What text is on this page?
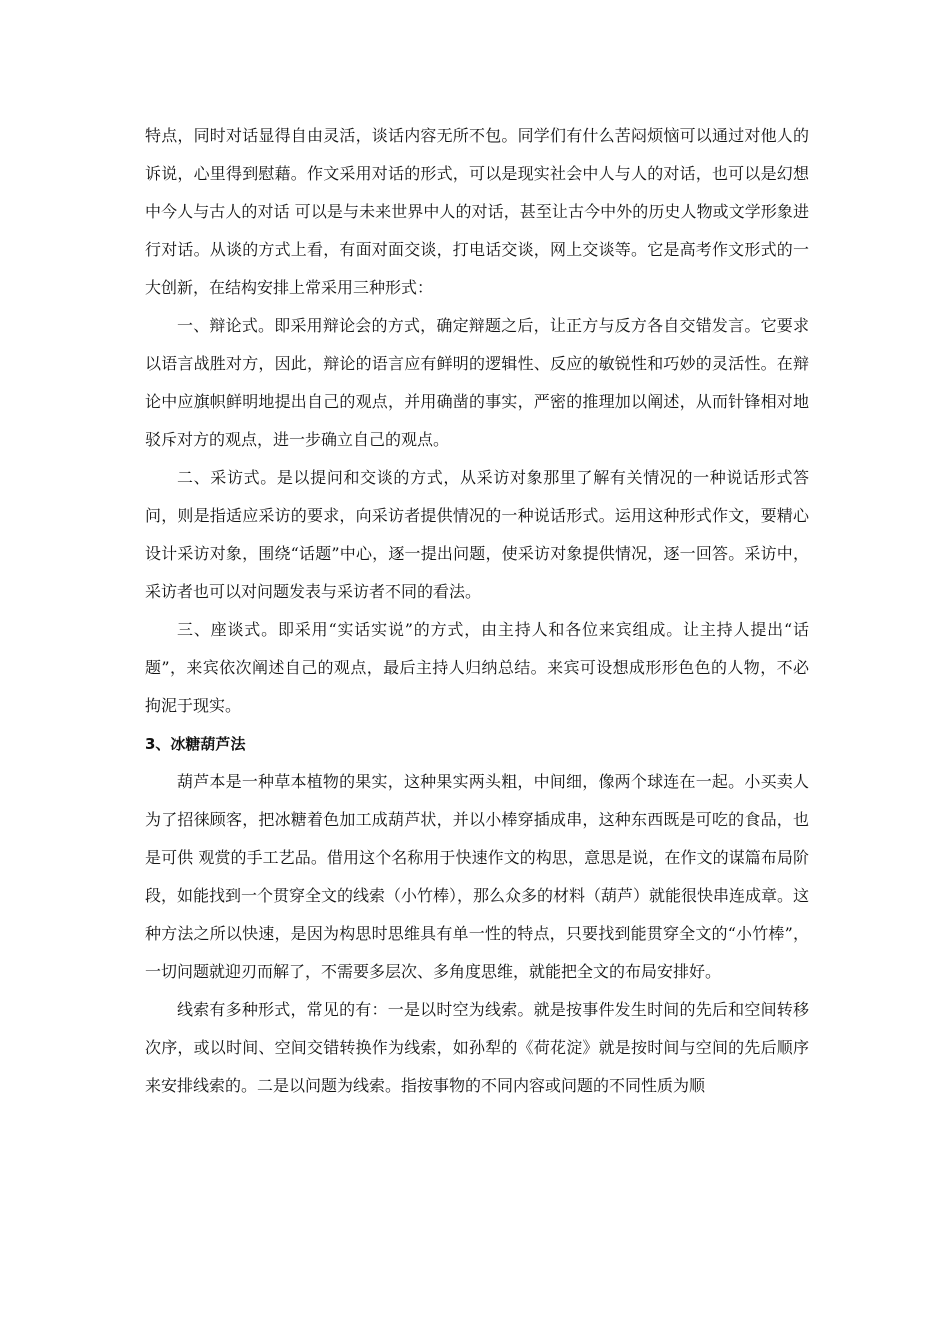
特点，同时对话显得自由灵活，谈话内容无所不包。同学们有什么苦闷烦恼可以通过对他人的诉说，心里得到慰藉。作文采用对话的形式，可以是现实社会中人与人的对话，也可以是幻想中今人与古人的对话 可以是与未来世界中人的对话，甚至让古今中外的历史人物或文学形象进行对话。从谈的方式上看，有面对面交谈，打电话交谈，网上交谈等。它是高考作文形式的一大创新，在结构安排上常采用三种形式：

一、辩论式。即采用辩论会的方式，确定辩题之后，让正方与反方各自交错发言。它要求以语言战胜对方，因此，辩论的语言应有鲜明的逻辑性、反应的敏锐性和巧妙的灵活性。在辩论中应旗帜鲜明地提出自己的观点，并用确凿的事实，严密的推理加以阐述，从而针锋相对地驳斥对方的观点，进一步确立自己的观点。

二、采访式。是以提问和交谈的方式，从采访对象那里了解有关情况的一种说话形式答问，则是指适应采访的要求，向采访者提供情况的一种说话形式。运用这种形式作文，要精心设计采访对象，围绕“话题”中心，逐一提出问题，使采访对象提供情况，逐一回答。采访中，采访者也可以对问题发表与采访者不同的看法。

三、座谈式。即采用“实话实说”的方式，由主持人和各位来宾组成。让主持人提出“话题”，来宾依次阐述自己的观点，最后主持人归纳总结。来宾可设想成形形色色的人物，不必拘泥于现实。

3、冰糖葫芦法

葫芦本是一种草本植物的果实，这种果实两头粗，中间细，像两个球连在一起。小买卖人为了招徕顾客，把冰糖着色加工成葫芦状，并以小棒穿插成串，这种东西既是可吃的食品，也是可供 观赏的手工艺品。借用这个名称用于快速作文的构思，意思是说，在作文的谋篇布局阶段，如能找到一个贯穿全文的线索（小竹棒），那么众多的材料（葫芦）就能很快串连成章。这种方法之所以快速，是因为构思时思维具有单一性的特点，只要找到能贯穿全文的“小竹棒”，一切问题就迎刃而解了，不需要多层次、多角度思维，就能把全文的布局安排好。

线索有多种形式，常见的有：一是以时空为线索。就是按事件发生时间的先后和空间转移次序，或以时间、空间交错转换作为线索，如孙犁的《荷花淀》就是按时间与空间的先后顺序来安排线索的。二是以问题为线索。指按事物的不同内容或问题的不同性质为顺
